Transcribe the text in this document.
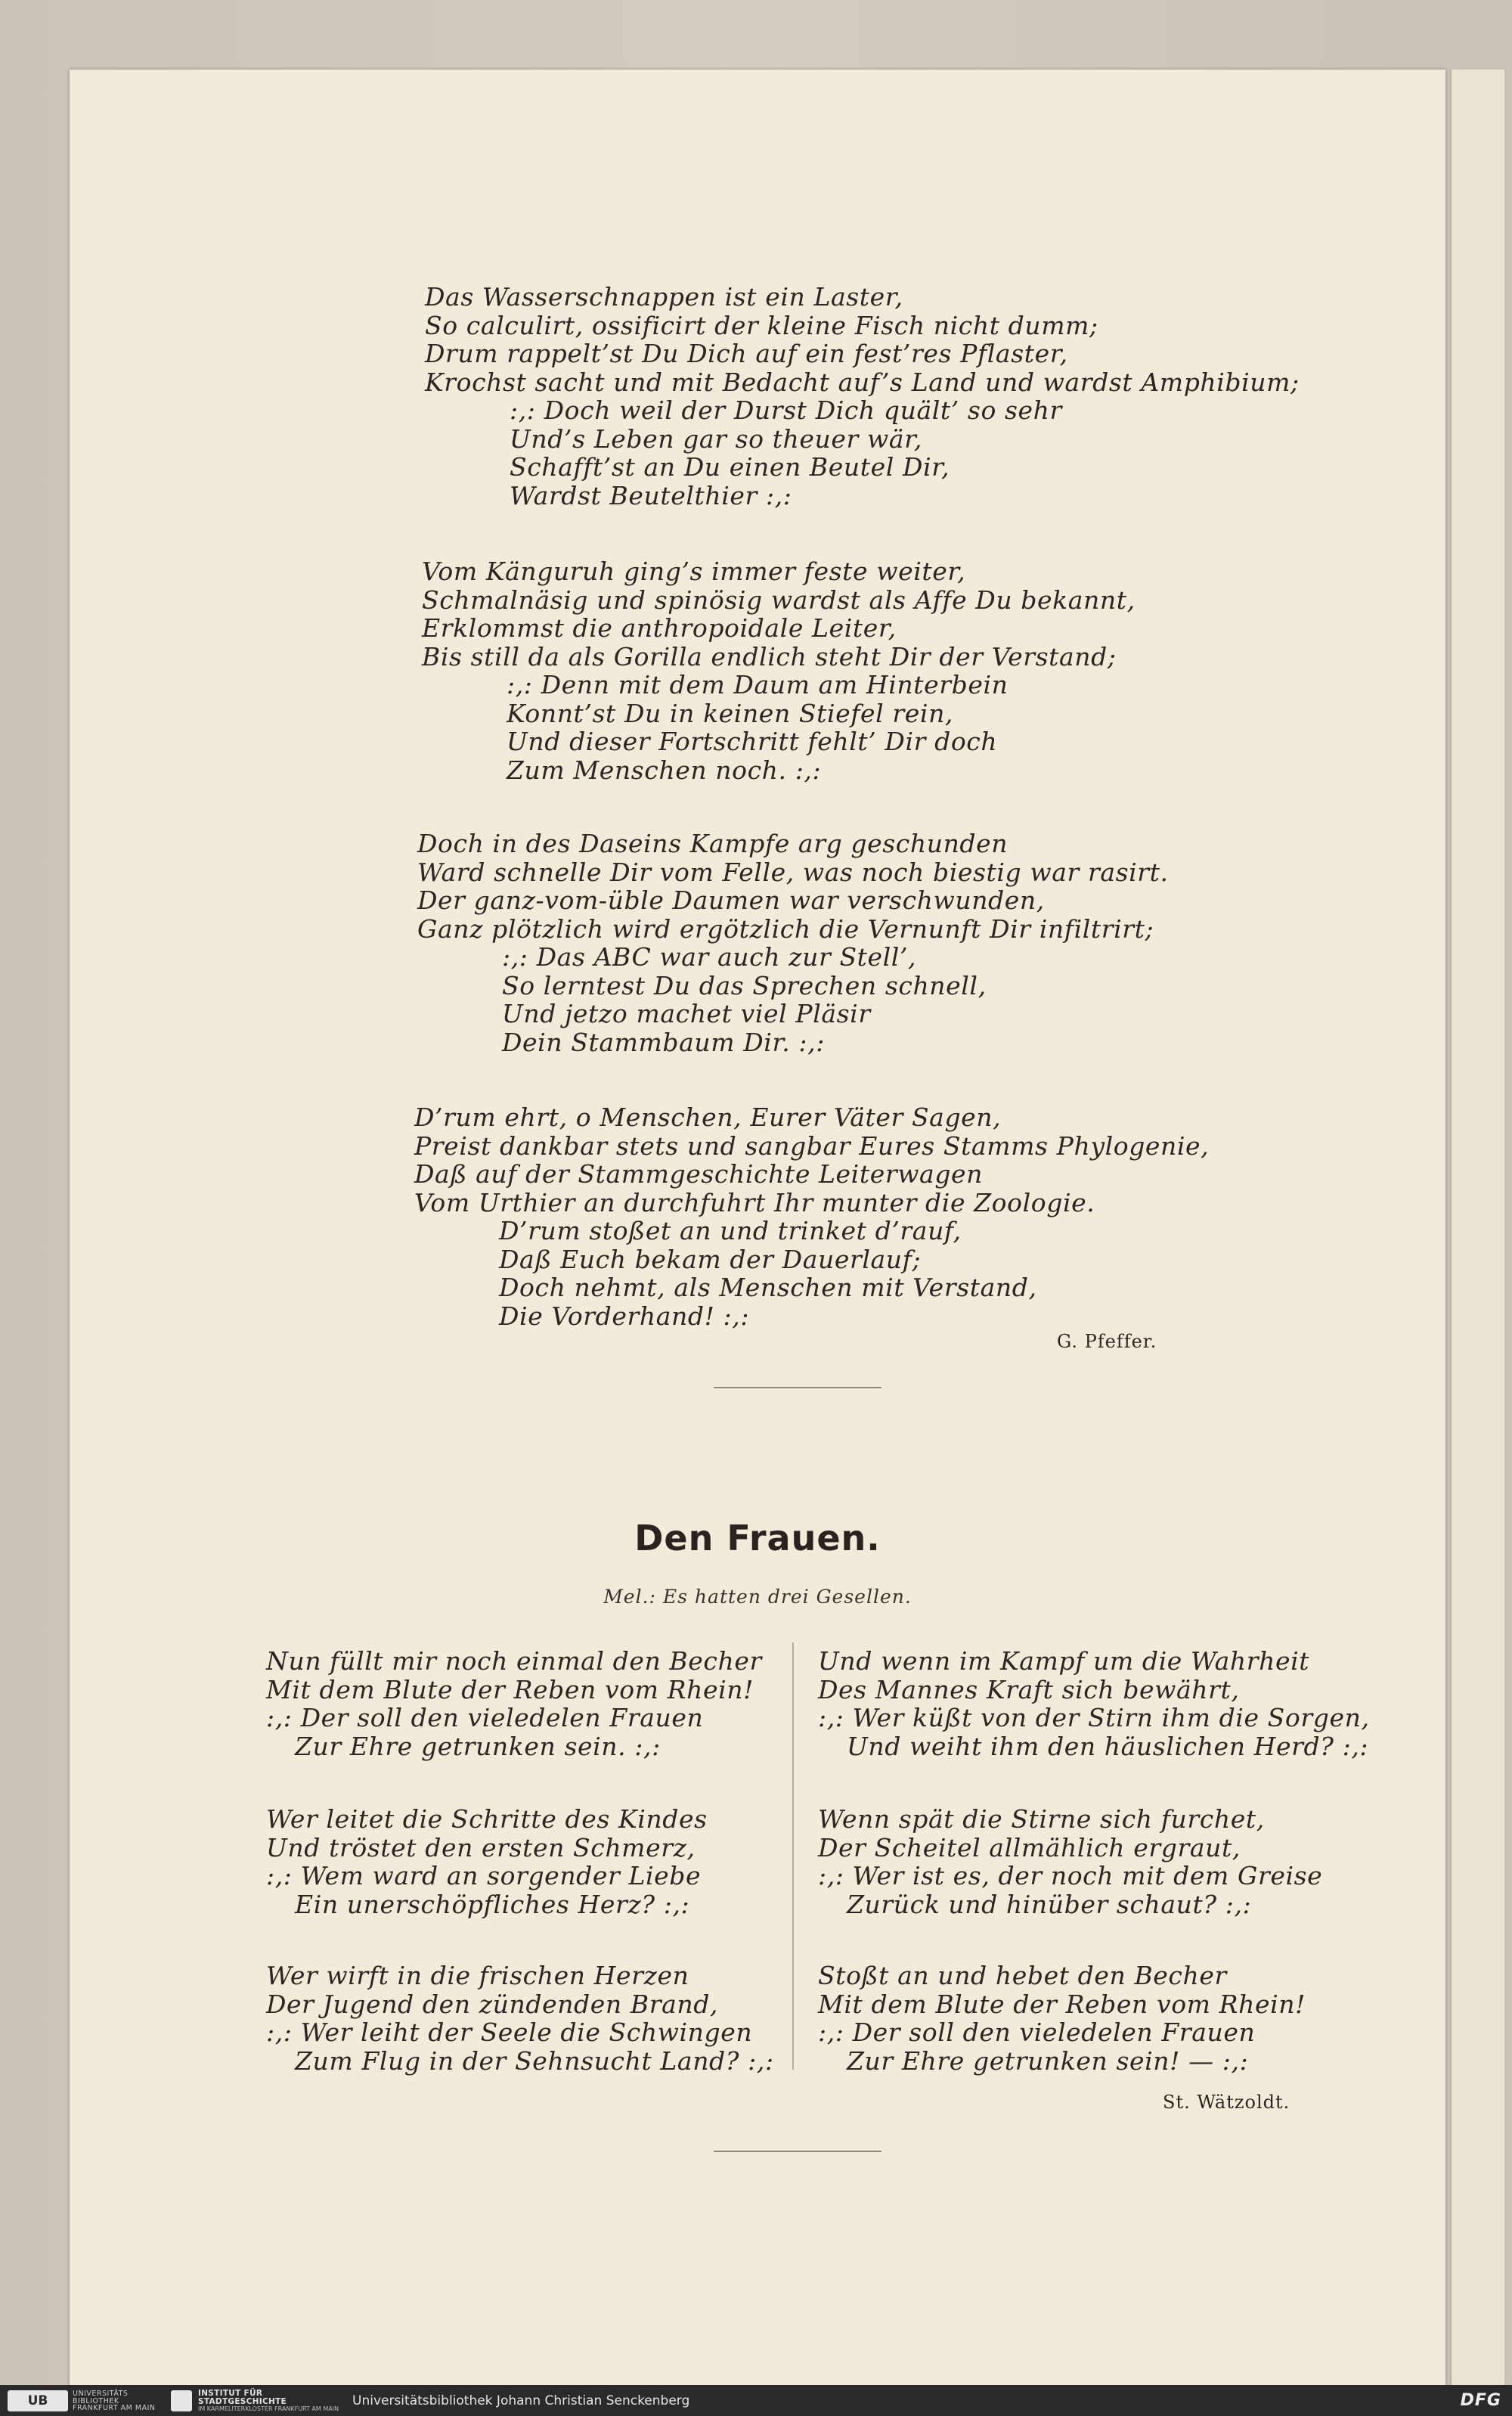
Das Wasserschnappen ist ein Laster,
So calculirt, ossificirt der kleine Fisch nicht dumm;
Drum rappelt’st Du Dich auf ein fest’res Pflaster,
Krochst sacht und mit Bedacht auf’s Land und wardst Amphibium;
:,: Doch weil der Durst Dich quält’ so sehr
Und’s Leben gar so theuer wär,
Schafft’st an Du einen Beutel Dir,
Wardst Beutelthier :,:
Vom Känguruh ging’s immer feste weiter,
Schmalnäsig und spinösig wardst als Affe Du bekannt,
Erklommst die anthropoidale Leiter,
Bis still da als Gorilla endlich steht Dir der Verstand;
:,: Denn mit dem Daum am Hinterbein
Konnt’st Du in keinen Stiefel rein,
Und dieser Fortschritt fehlt’ Dir doch
Zum Menschen noch. :,:
Doch in des Daseins Kampfe arg geschunden
Ward schnelle Dir vom Felle, was noch biestig war rasirt.
Der ganz-vom-üble Daumen war verschwunden,
Ganz plötzlich wird ergötzlich die Vernunft Dir infiltrirt;
:,: Das ABC war auch zur Stell’,
So lerntest Du das Sprechen schnell,
Und jetzo machet viel Pläsir
Dein Stammbaum Dir. :,:
D’rum ehrt, o Menschen, Eurer Väter Sagen,
Preist dankbar stets und sangbar Eures Stamms Phylogenie,
Daß auf der Stammgeschichte Leiterwagen
Vom Urthier an durchfuhrt Ihr munter die Zoologie.
D’rum stoßet an und trinket d’rauf,
Daß Euch bekam der Dauerlauf;
Doch nehmt, als Menschen mit Verstand,
Die Vorderhand! :,:
G. Pfeffer.
Den Frauen.
Mel.: Es hatten drei Gesellen.
Nun füllt mir noch einmal den Becher
Mit dem Blute der Reben vom Rhein!
:,: Der soll den vieledelen Frauen
Zur Ehre getrunken sein. :,:
Wer leitet die Schritte des Kindes
Und tröstet den ersten Schmerz,
:,: Wem ward an sorgender Liebe
Ein unerschöpfliches Herz? :,:
Wer wirft in die frischen Herzen
Der Jugend den zündenden Brand,
:,: Wer leiht der Seele die Schwingen
Zum Flug in der Sehnsucht Land? :,:
Und wenn im Kampf um die Wahrheit
Des Mannes Kraft sich bewährt,
:,: Wer küßt von der Stirn ihm die Sorgen,
Und weiht ihm den häuslichen Herd? :,:
Wenn spät die Stirne sich furchet,
Der Scheitel allmählich ergraut,
:,: Wer ist es, der noch mit dem Greise
Zurück und hinüber schaut? :,:
Stoßt an und hebet den Becher
Mit dem Blute der Reben vom Rhein!
:,: Der soll den vieledelen Frauen
Zur Ehre getrunken sein! — :,:
St. Wätzoldt.
UB	UNIVERSITÄTS BIBLIOTHEK FRANKFURT AM MAIN
INSTITUT FÜR STADTGESCHICHTE
IM KARMELITERKLOSTER FRANKFURT AM MAIN
Universitätsbibliothek Johann Christian Senckenberg	DFG
